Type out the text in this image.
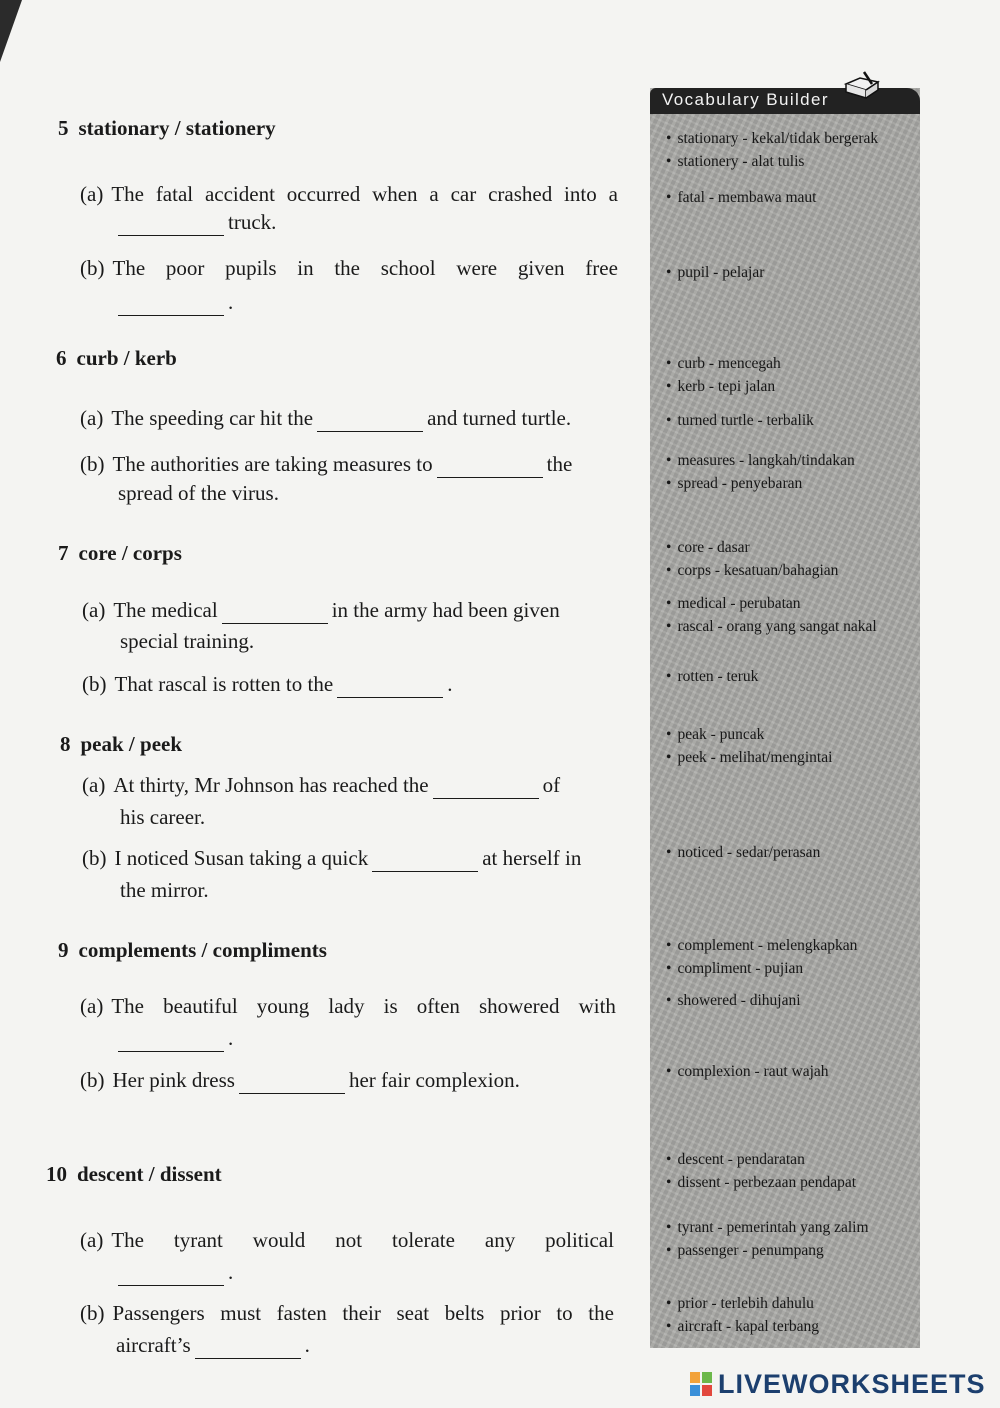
5 stationary / stationery
(a) The fatal accident occurred when a car crashed into a
truck.
(b) The poor pupils in the school were given free
.
6 curb / kerb
(a) The speeding car hit the	and turned turtle.
(b) The authorities are taking measures to	the
spread of the virus.
7 core / corps
(a) The medical	in the army had been given
special training.
(b) That rascal is rotten to the	.
8 peak / peek
(a) At thirty, Mr Johnson has reached the	of
his career.
(b) I noticed Susan taking a quick	at herself in
the mirror.
9 complements / compliments
(a) The beautiful young lady is often showered with
.
(b) Her pink dress	her fair complexion.
10 descent / dissent
(a) The tyrant would not tolerate any political
.
(b) Passengers must fasten their seat belts prior to the
aircraft’s	.
Vocabulary Builder
• stationary - kekal/tidak bergerak
• stationery - alat tulis
• fatal - membawa maut
• pupil - pelajar
• curb - mencegah
• kerb - tepi jalan
• turned turtle - terbalik
• measures - langkah/tindakan
• spread - penyebaran
• core - dasar
• corps - kesatuan/bahagian
• medical - perubatan
• rascal - orang yang sangat nakal
• rotten - teruk
• peak - puncak
• peek - melihat/mengintai
• noticed - sedar/perasan
• complement - melengkapkan
• compliment - pujian
• showered - dihujani
• complexion - raut wajah
• descent - pendaratan
• dissent - perbezaan pendapat
• tyrant - pemerintah yang zalim
• passenger - penumpang
• prior - terlebih dahulu
• aircraft - kapal terbang
LIVEWORKSHEETS
